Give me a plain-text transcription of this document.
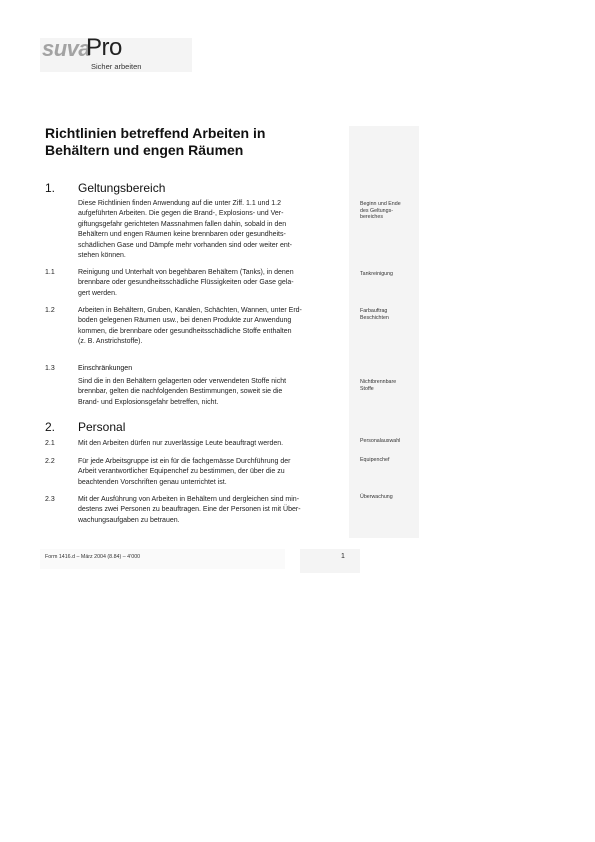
suva
Pro
Sicher arbeiten
Richtlinien betreffend Arbeiten in
Behältern und engen Räumen
1. Geltungsbereich
Diese Richtlinien finden Anwendung auf die unter Ziff. 1.1 und 1.2
aufgeführten Arbeiten. Die gegen die Brand-, Explosions- und Ver-
giftungsgefahr gerichteten Massnahmen fallen dahin, sobald in den
Behältern und engen Räumen keine brennbaren oder gesundheits-
schädlichen Gase und Dämpfe mehr vorhanden sind oder weiter ent-
stehen können.
Beginn und Ende
des Geltungs-
bereiches
1.1	Reinigung und Unterhalt von begehbaren Behältern (Tanks), in denen
brennbare oder gesundheitsschädliche Flüssigkeiten oder Gase gela-
gert werden.
Tankreinigung
1.2	Arbeiten in Behältern, Gruben, Kanälen, Schächten, Wannen, unter Erd-
boden gelegenen Räumen usw., bei denen Produkte zur Anwendung
kommen, die brennbare oder gesundheitsschädliche Stoffe enthalten
(z. B. Anstrichstoffe).
Farbauftrag
Beschichten
1.3	Einschränkungen
Sind die in den Behältern gelagerten oder verwendeten Stoffe nicht
brennbar, gelten die nachfolgenden Bestimmungen, soweit sie die
Brand- und Explosionsgefahr betreffen, nicht.
Nichtbrennbare
Stoffe
2. Personal
2.1	Mit den Arbeiten dürfen nur zuverlässige Leute beauftragt werden.	Personalauswahl
2.2	Für jede Arbeitsgruppe ist ein für die fachgemässe Durchführung der
Arbeit verantwortlicher Equipenchef zu bestimmen, der über die zu
beachtenden Vorschriften genau unterrichtet ist.
Equipenchef
2.3	Mit der Ausführung von Arbeiten in Behältern und dergleichen sind min-
destens zwei Personen zu beauftragen. Eine der Personen ist mit Über-
wachungsaufgaben zu betrauen.
Überwachung
Form 1416.d – März 2004 (8.84) – 4’000	1
